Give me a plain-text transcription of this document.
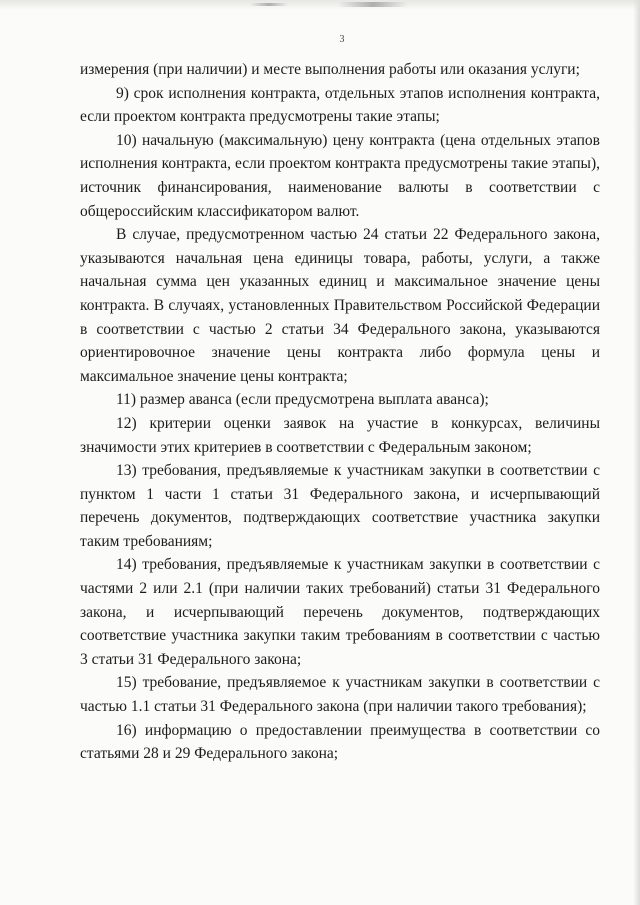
3

измерения (при наличии) и месте выполнения работы или оказания услуги;

9) срок исполнения контракта, отдельных этапов исполнения контракта, если проектом контракта предусмотрены такие этапы;

10) начальную (максимальную) цену контракта (цена отдельных этапов исполнения контракта, если проектом контракта предусмотрены такие этапы), источник финансирования, наименование валюты в соответствии с общероссийским классификатором валют.

В случае, предусмотренном частью 24 статьи 22 Федерального закона, указываются начальная цена единицы товара, работы, услуги, а также начальная сумма цен указанных единиц и максимальное значение цены контракта. В случаях, установленных Правительством Российской Федерации в соответствии с частью 2 статьи 34 Федерального закона, указываются ориентировочное значение цены контракта либо формула цены и максимальное значение цены контракта;

11) размер аванса (если предусмотрена выплата аванса);

12) критерии оценки заявок на участие в конкурсах, величины значимости этих критериев в соответствии с Федеральным законом;

13) требования, предъявляемые к участникам закупки в соответствии с пунктом 1 части 1 статьи 31 Федерального закона, и исчерпывающий перечень документов, подтверждающих соответствие участника закупки таким требованиям;

14) требования, предъявляемые к участникам закупки в соответствии с частями 2 или 2.1 (при наличии таких требований) статьи 31 Федерального закона, и исчерпывающий перечень документов, подтверждающих соответствие участника закупки таким требованиям в соответствии с частью 3 статьи 31 Федерального закона;

15) требование, предъявляемое к участникам закупки в соответствии с частью 1.1 статьи 31 Федерального закона (при наличии такого требования);

16) информацию о предоставлении преимущества в соответствии со статьями 28 и 29 Федерального закона;
